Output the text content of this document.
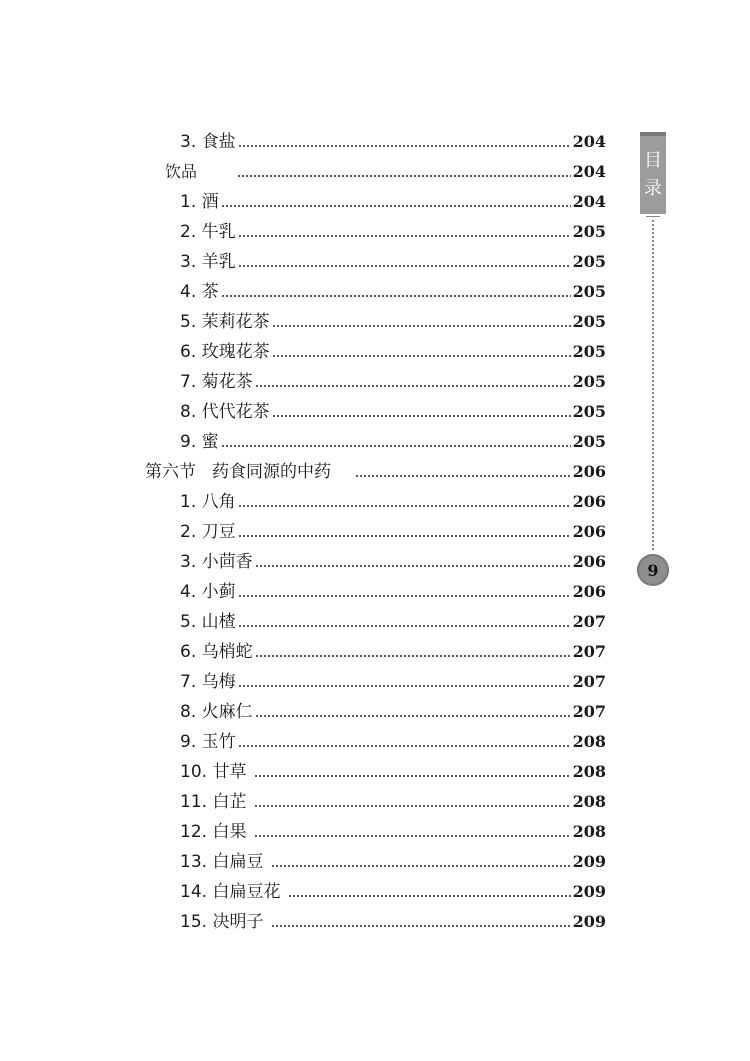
3. 食盐	204
饮品	204
1. 酒	204
2. 牛乳	205
3. 羊乳	205
4. 茶	205
5. 茉莉花茶	205
6. 玫瑰花茶	205
7. 菊花茶	205
8. 代代花茶	205
9. 蜜	205
第六节 药食同源的中药	206
1. 八角	206
2. 刀豆	206
3. 小茴香	206
4. 小蓟	206
5. 山楂	207
6. 乌梢蛇	207
7. 乌梅	207
8. 火麻仁	207
9. 玉竹	208
10. 甘草	208
11. 白芷	208
12. 白果	208
13. 白扁豆	209
14. 白扁豆花	209
15. 决明子	209
目
录
9
